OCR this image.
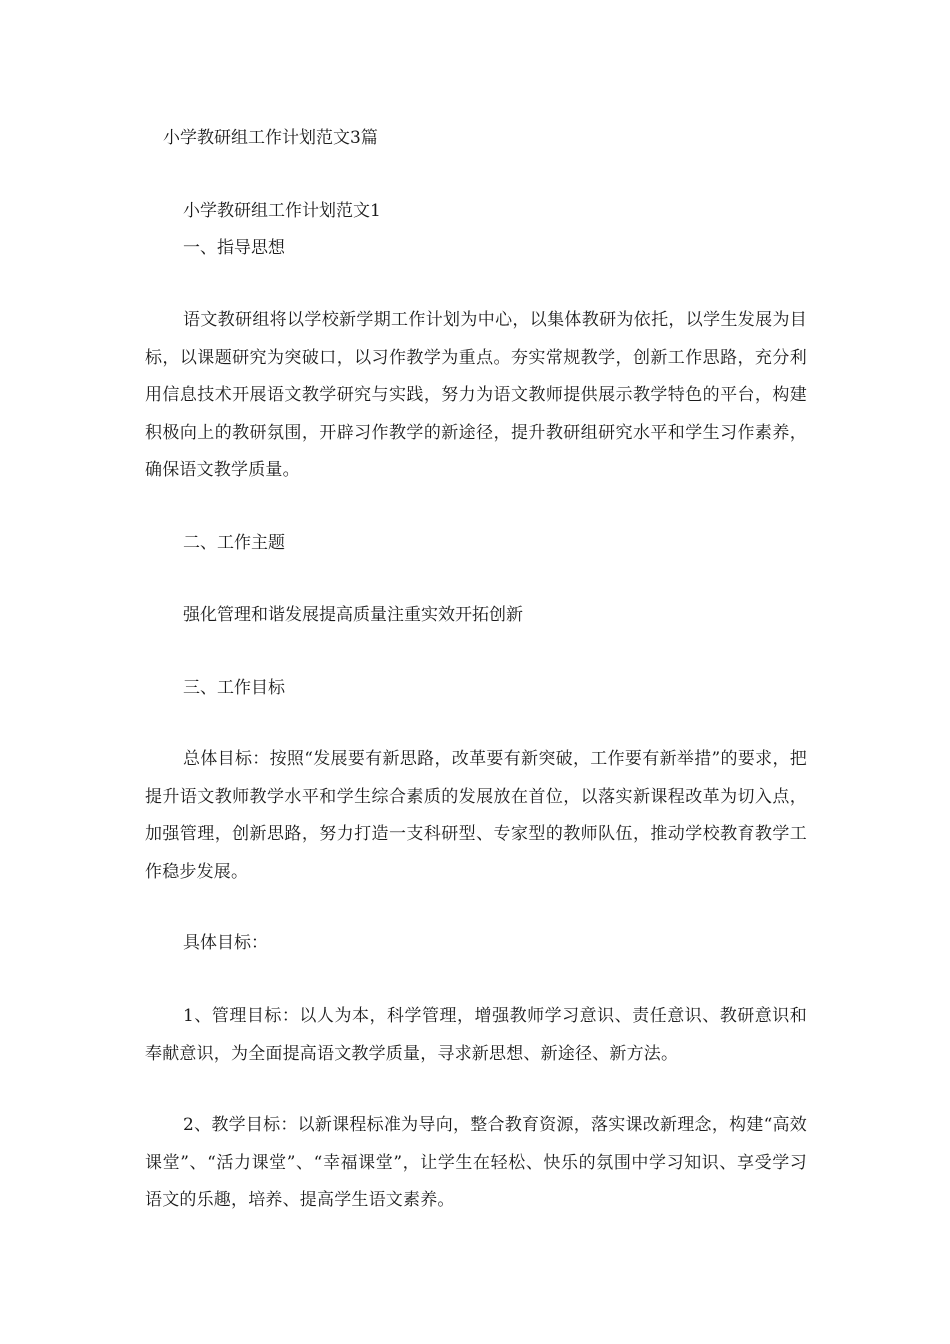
小学教研组工作计划范文3篇
小学教研组工作计划范文1
一、指导思想
语文教研组将以学校新学期工作计划为中心，以集体教研为依托，以学生发展为目标，以课题研究为突破口，以习作教学为重点。夯实常规教学，创新工作思路，充分利用信息技术开展语文教学研究与实践，努力为语文教师提供展示教学特色的平台，构建积极向上的教研氛围，开辟习作教学的新途径，提升教研组研究水平和学生习作素养，确保语文教学质量。
二、工作主题
强化管理和谐发展提高质量注重实效开拓创新
三、工作目标
总体目标：按照“发展要有新思路，改革要有新突破，工作要有新举措”的要求，把提升语文教师教学水平和学生综合素质的发展放在首位，以落实新课程改革为切入点，加强管理，创新思路，努力打造一支科研型、专家型的教师队伍，推动学校教育教学工作稳步发展。
具体目标：
1、管理目标：以人为本，科学管理，增强教师学习意识、责任意识、教研意识和奉献意识，为全面提高语文教学质量，寻求新思想、新途径、新方法。
2、教学目标：以新课程标准为导向，整合教育资源，落实课改新理念，构建“高效课堂”、“活力课堂”、“幸福课堂”，让学生在轻松、快乐的氛围中学习知识、享受学习语文的乐趣，培养、提高学生语文素养。
